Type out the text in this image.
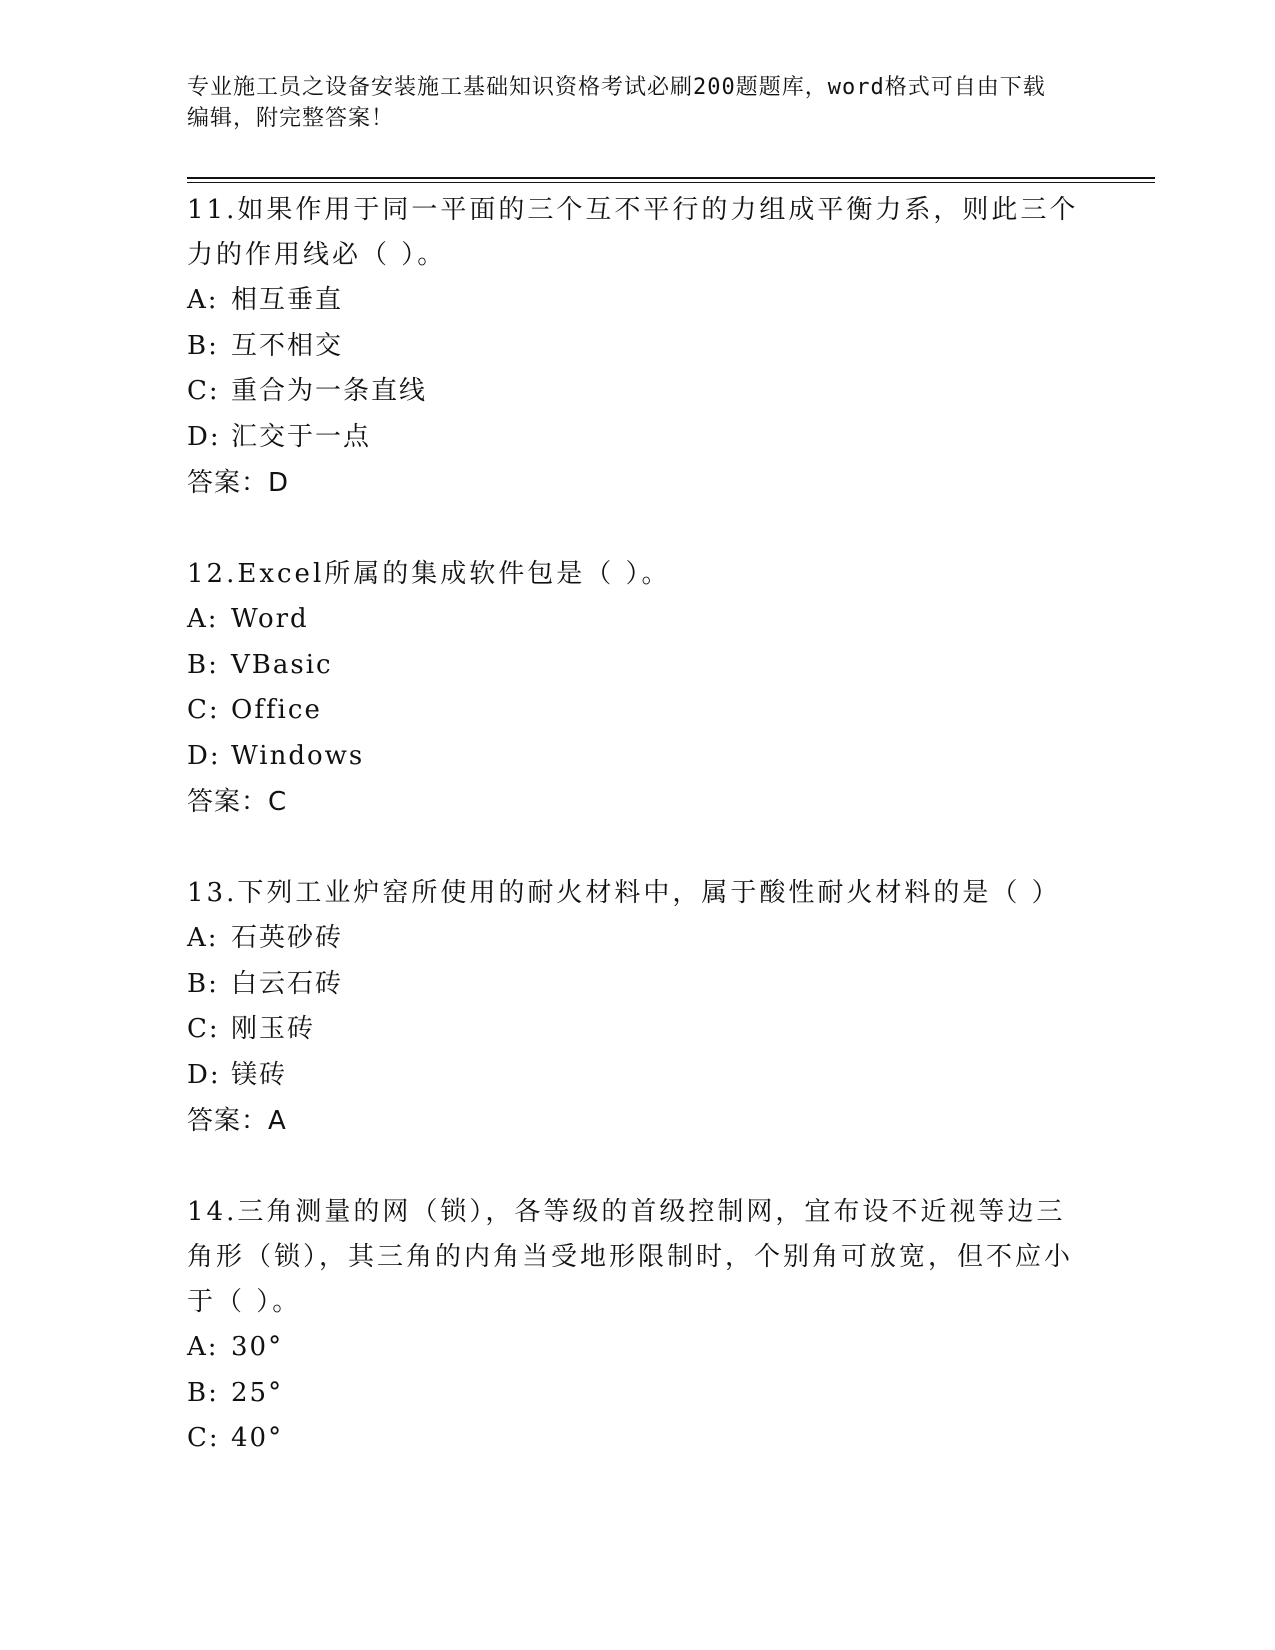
专业施工员之设备安装施工基础知识资格考试必刷200题题库，word格式可自由下载编辑，附完整答案！

11.如果作用于同一平面的三个互不平行的力组成平衡力系，则此三个力的作用线必（ ）。

A: 相互垂直
B: 互不相交
C: 重合为一条直线
D: 汇交于一点
答案：D

12.Excel所属的集成软件包是（ ）。

A: Word
B: VBasic
C: Office
D: Windows
答案：C

13.下列工业炉窑所使用的耐火材料中，属于酸性耐火材料的是（ ）

A: 石英砂砖
B: 白云石砖
C: 刚玉砖
D: 镁砖
答案：A

14.三角测量的网（锁），各等级的首级控制网，宜布设不近视等边三角形（锁），其三角的内角当受地形限制时，个别角可放宽，但不应小于（ ）。

A: 30°
B: 25°
C: 40°
